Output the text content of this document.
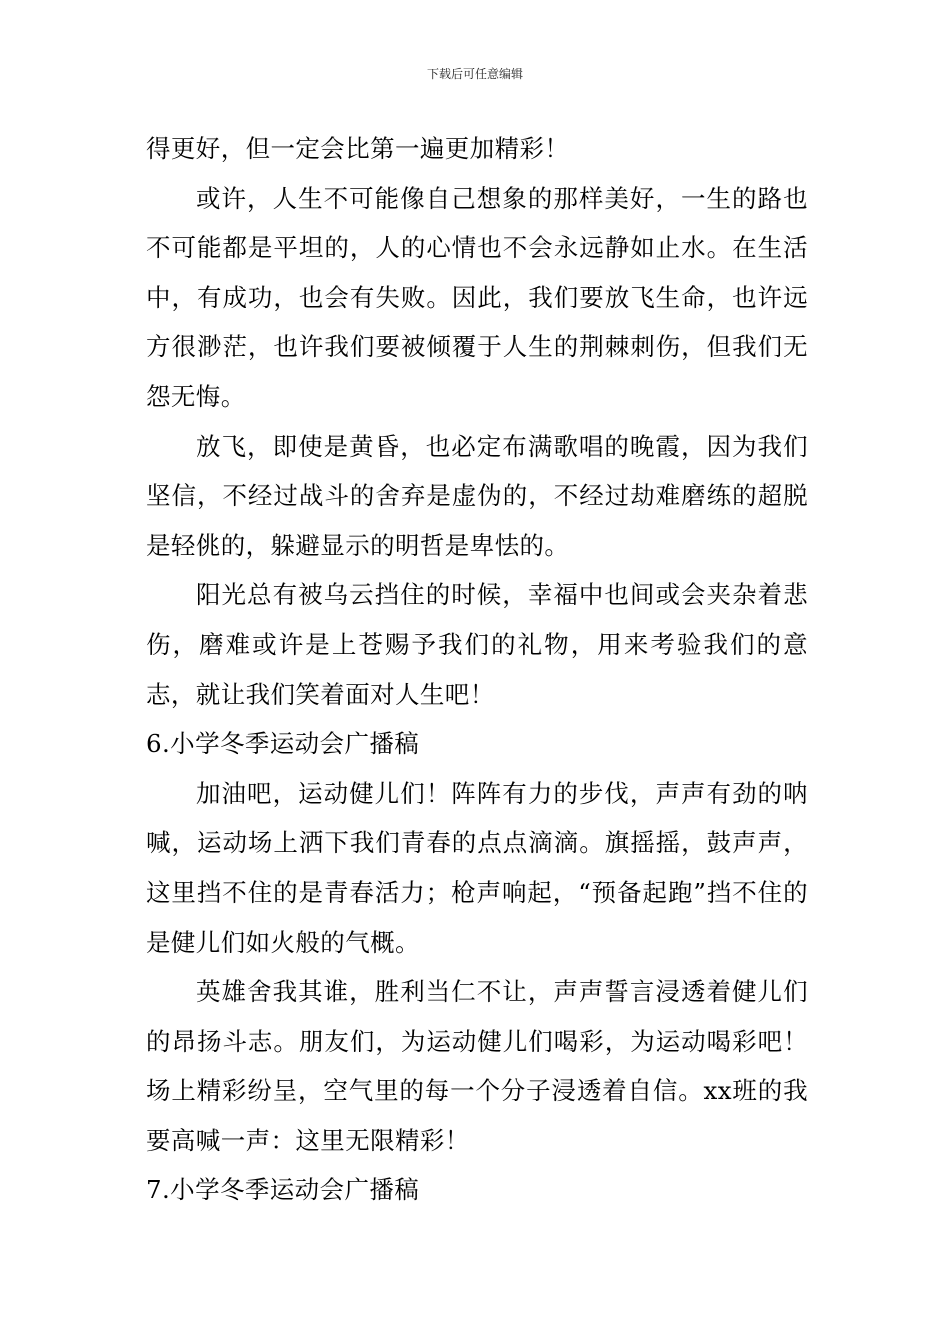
下载后可任意编辑

得更好，但一定会比第一遍更加精彩！

或许，人生不可能像自己想象的那样美好，一生的路也不可能都是平坦的，人的心情也不会永远静如止水。在生活中，有成功，也会有失败。因此，我们要放飞生命，也许远方很渺茫，也许我们要被倾覆于人生的荆棘刺伤，但我们无怨无悔。

放飞，即使是黄昏，也必定布满歌唱的晚霞，因为我们坚信，不经过战斗的舍弃是虚伪的，不经过劫难磨练的超脱是轻佻的，躲避显示的明哲是卑怯的。

阳光总有被乌云挡住的时候，幸福中也间或会夹杂着悲伤，磨难或许是上苍赐予我们的礼物，用来考验我们的意志，就让我们笑着面对人生吧！

6.小学冬季运动会广播稿

加油吧，运动健儿们！阵阵有力的步伐，声声有劲的呐喊，运动场上洒下我们青春的点点滴滴。旗摇摇，鼓声声，这里挡不住的是青春活力；枪声响起，“预备起跑”挡不住的是健儿们如火般的气概。

英雄舍我其谁，胜利当仁不让，声声誓言浸透着健儿们的昂扬斗志。朋友们，为运动健儿们喝彩，为运动喝彩吧！场上精彩纷呈，空气里的每一个分子浸透着自信。xx班的我要高喊一声：这里无限精彩！

7.小学冬季运动会广播稿
